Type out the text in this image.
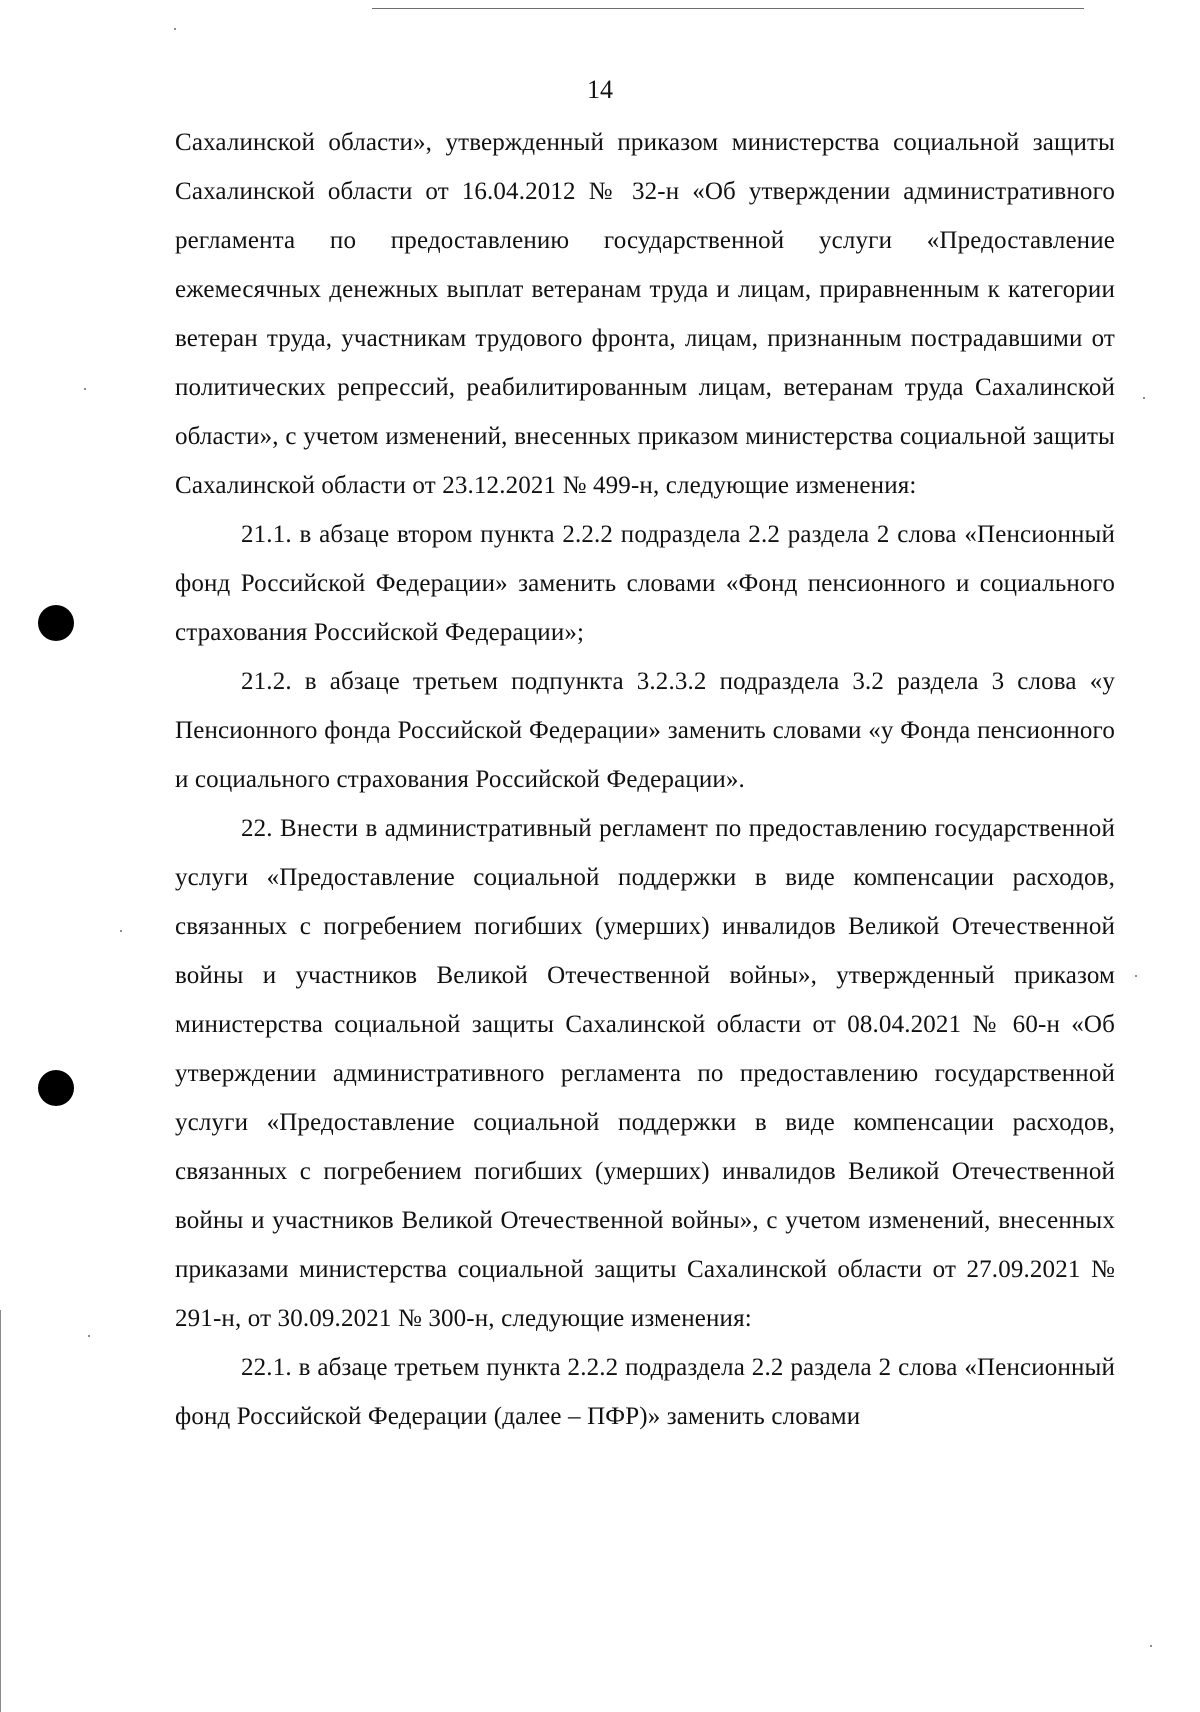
14

Сахалинской области», утвержденный приказом министерства социальной защиты Сахалинской области от 16.04.2012 № 32-н «Об утверждении административного регламента по предоставлению государственной услуги «Предоставление ежемесячных денежных выплат ветеранам труда и лицам, приравненным к категории ветеран труда, участникам трудового фронта, лицам, признанным пострадавшими от политических репрессий, реабилитированным лицам, ветеранам труда Сахалинской области», с учетом изменений, внесенных приказом министерства социальной защиты Сахалинской области от 23.12.2021 № 499-н, следующие изменения:

21.1. в абзаце втором пункта 2.2.2 подраздела 2.2 раздела 2 слова «Пенсионный фонд Российской Федерации» заменить словами «Фонд пенсионного и социального страхования Российской Федерации»;

21.2. в абзаце третьем подпункта 3.2.3.2 подраздела 3.2 раздела 3 слова «у Пенсионного фонда Российской Федерации» заменить словами «у Фонда пенсионного и социального страхования Российской Федерации».

22. Внести в административный регламент по предоставлению государственной услуги «Предоставление социальной поддержки в виде компенсации расходов, связанных с погребением погибших (умерших) инвалидов Великой Отечественной войны и участников Великой Отечественной войны», утвержденный приказом министерства социальной защиты Сахалинской области от 08.04.2021 № 60-н «Об утверждении административного регламента по предоставлению государственной услуги «Предоставление социальной поддержки в виде компенсации расходов, связанных с погребением погибших (умерших) инвалидов Великой Отечественной войны и участников Великой Отечественной войны», с учетом изменений, внесенных приказами министерства социальной защиты Сахалинской области от 27.09.2021 № 291-н, от 30.09.2021 № 300-н, следующие изменения:

22.1. в абзаце третьем пункта 2.2.2 подраздела 2.2 раздела 2 слова «Пенсионный фонд Российской Федерации (далее – ПФР)» заменить словами
